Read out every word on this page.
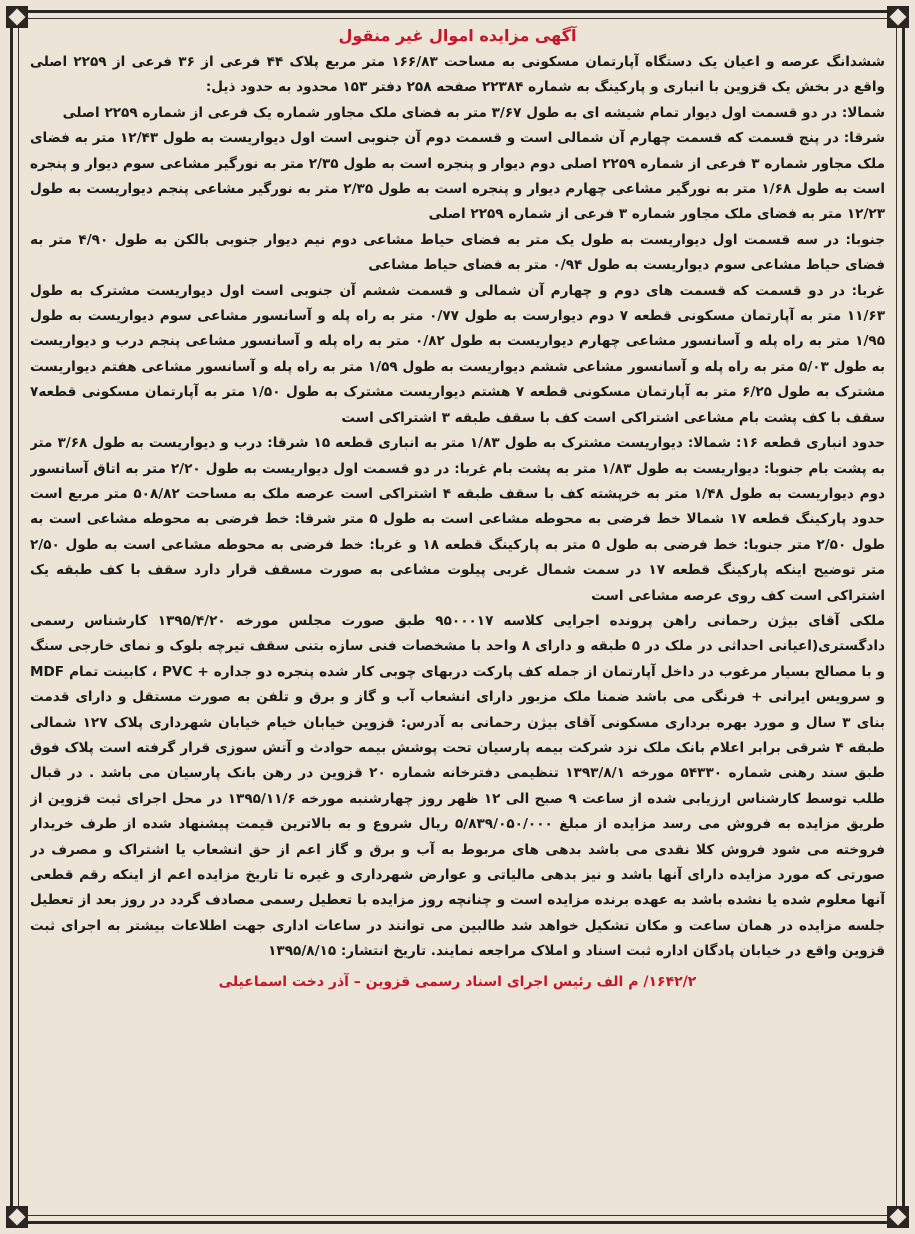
آگهی مزایده اموال غیر منقول

ششدانگ عرصه و اعیان یک دستگاه آپارتمان مسکونی به مساحت ۱۶۶/۸۳ متر مربع پلاک ۴۴ فرعی از ۳۶ فرعی از ۲۲۵۹ اصلی واقع در بخش یک قزوین با انباری و پارکینگ به شماره ۲۲۳۸۴ صفحه ۲۵۸ دفتر ۱۵۳ محدود به حدود ذیل:

شمالا: در دو قسمت اول دیوار تمام شیشه ای به طول ۳/۶۷ متر به فضای ملک مجاور شماره یک فرعی از شماره ۲۲۵۹ اصلی

شرقا: در پنج قسمت که قسمت چهارم آن شمالی است و قسمت دوم آن جنوبی است اول دیواریست به طول ۱۲/۴۳ متر به فضای ملک مجاور شماره ۳ فرعی از شماره ۲۲۵۹ اصلی دوم دیوار و پنجره است به طول ۲/۳۵ متر به نورگیر مشاعی سوم دیوار و پنجره است به طول ۱/۶۸ متر به نورگیر مشاعی چهارم دیوار و پنجره است به طول ۲/۳۵ متر به نورگیر مشاعی پنجم دیواریست به طول ۱۲/۲۳ متر به فضای ملک مجاور شماره ۳ فرعی از شماره ۲۲۵۹ اصلی

جنوبا: در سه قسمت اول دیواریست به طول یک متر به فضای حیاط مشاعی دوم نیم دیوار جنوبی بالکن به طول ۴/۹۰ متر به فضای حیاط مشاعی سوم دیواریست به طول ۰/۹۴ متر به فضای حیاط مشاعی

غربا: در دو قسمت که قسمت های دوم و چهارم آن شمالی و قسمت ششم آن جنوبی است اول دیواریست مشترک به طول ۱۱/۶۳ متر به آپارتمان مسکونی قطعه ۷ دوم دیوارست به طول ۰/۷۷ متر به راه پله و آسانسور مشاعی سوم دیواریست به طول ۱/۹۵ متر به راه پله و آسانسور مشاعی چهارم دیواریست به طول ۰/۸۲ متر به راه پله و آسانسور مشاعی پنجم درب و دیواریست به طول ۵/۰۳ متر به راه پله و آسانسور مشاعی ششم دیواریست به طول ۱/۵۹ متر به راه پله و آسانسور مشاعی هفتم دیواریست مشترک به طول ۶/۲۵ متر به آپارتمان مسکونی قطعه ۷ هشتم دیواریست مشترک به طول ۱/۵۰ متر به آپارتمان مسکونی قطعه۷ سقف با کف پشت بام مشاعی اشتراکی است کف با سقف طبقه ۳ اشتراکی است

حدود انباری قطعه ۱۶: شمالا: دیواریست مشترک به طول ۱/۸۳ متر به انباری قطعه ۱۵ شرقا: درب و دیواریست به طول ۳/۶۸ متر به پشت بام جنوبا: دیواریست به طول ۱/۸۳ متر به پشت بام غربا: در دو قسمت اول دیواریست به طول ۲/۲۰ متر به اتاق آسانسور دوم دیواریست به طول ۱/۴۸ متر به خرپشته کف با سقف طبقه ۴ اشتراکی است عرصه ملک به مساحت ۵۰۸/۸۲ متر مربع است حدود پارکینگ قطعه ۱۷ شمالا خط فرضی به محوطه مشاعی است به طول ۵ متر شرقا: خط فرضی به محوطه مشاعی است به طول ۲/۵۰ متر جنوبا: خط فرضی به طول ۵ متر به پارکینگ قطعه ۱۸ و غربا: خط فرضی به محوطه مشاعی است به طول ۲/۵۰ متر توضیح اینکه پارکینگ قطعه ۱۷ در سمت شمال غربی پیلوت مشاعی به صورت مسقف قرار دارد سقف با کف طبقه یک اشتراکی است کف روی عرصه مشاعی است

ملکی آقای بیژن رحمانی راهن پرونده اجرایی کلاسه ۹۵۰۰۰۱۷ طبق صورت مجلس مورخه ۱۳۹۵/۴/۲۰ کارشناس رسمی دادگستری(اعیانی احداثی در ملک در ۵ طبقه و دارای ۸ واحد با مشخصات فنی سازه بتنی سقف تیرچه بلوک و نمای خارجی سنگ و با مصالح بسیار مرغوب در داخل آپارتمان از جمله کف پارکت دربهای چوبی کار شده پنجره دو جداره + PVC ، کابینت تمام MDF و سرویس ایرانی + فرنگی می باشد ضمنا ملک مزبور دارای انشعاب آب و گاز و برق و تلفن به صورت مستقل و دارای قدمت بنای ۳ سال و مورد بهره برداری مسکونی آقای بیژن رحمانی به آدرس: قزوین خیابان خیام خیابان شهرداری پلاک ۱۲۷ شمالی طبقه ۴ شرقی برابر اعلام بانک ملک نزد شرکت بیمه پارسیان تحت پوشش بیمه حوادث و آتش سوزی قرار گرفته است پلاک فوق طبق سند رهنی شماره ۵۴۳۳۰ مورخه ۱۳۹۳/۸/۱ تنظیمی دفترخانه شماره ۲۰ قزوین در رهن بانک پارسیان می باشد . در قبال طلب توسط کارشناس ارزیابی شده از ساعت ۹ صبح الی ۱۲ ظهر روز چهارشنبه مورخه ۱۳۹۵/۱۱/۶ در محل اجرای ثبت قزوین از طریق مزایده به فروش می رسد مزایده از مبلغ ۵/۸۳۹/۰۵۰/۰۰۰ ریال شروع و به بالاترین قیمت پیشنهاد شده از طرف خریدار فروخته می شود فروش کلا نقدی می باشد بدهی های مربوط به آب و برق و گاز اعم از حق انشعاب یا اشتراک و مصرف در صورتی که مورد مزایده دارای آنها باشد و نیز بدهی مالیاتی و عوارض شهرداری و غیره تا تاریخ مزایده اعم از اینکه رقم قطعی آنها معلوم شده یا نشده باشد به عهده برنده مزایده است و چنانچه روز مزایده با تعطیل رسمی مصادف گردد در روز بعد از تعطیل جلسه مزایده در همان ساعت و مکان تشکیل خواهد شد طالبین می توانند در ساعات اداری جهت اطلاعات بیشتر به اجرای ثبت قزوین واقع در خیابان پادگان اداره ثبت اسناد و املاک مراجعه نمایند. تاریخ انتشار: ۱۳۹۵/۸/۱۵

۱۶۴۲/۲/ م الف رئیس اجرای اسناد رسمی قزوین – آذر دخت اسماعیلی
